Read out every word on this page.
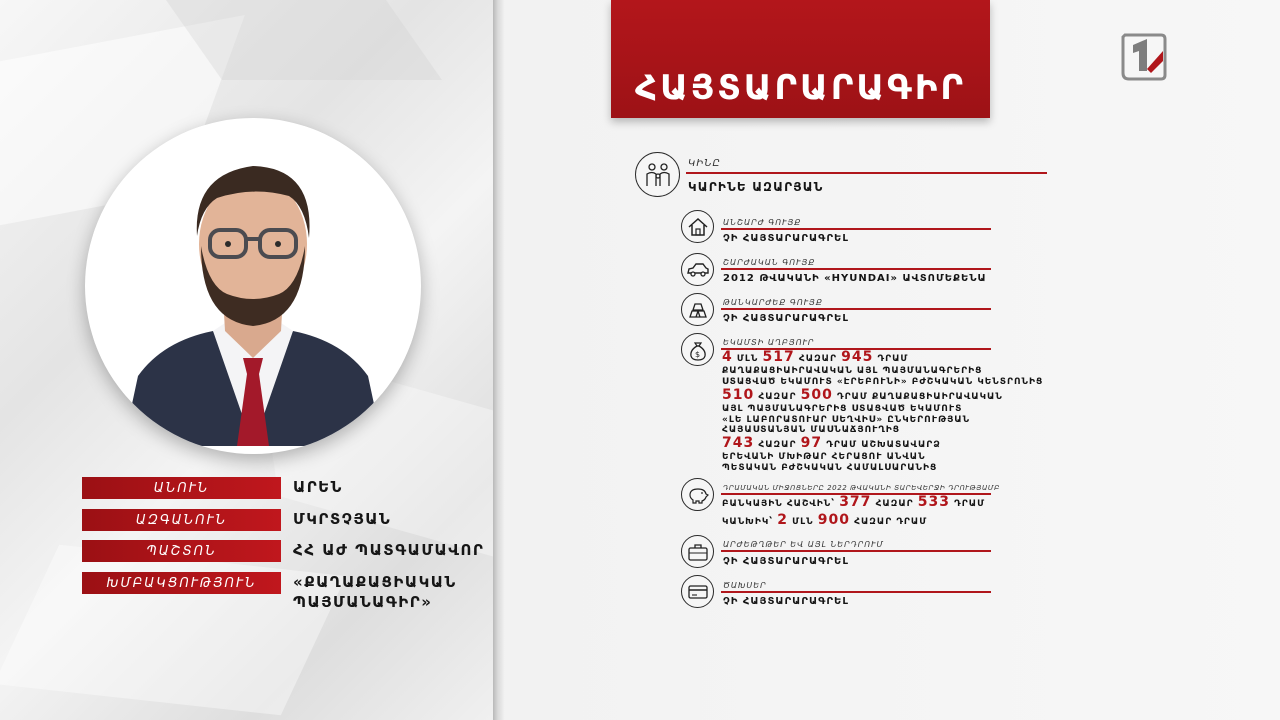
ԱՆՈՒՆ	ԱՐԵՆ
ԱԶԳԱՆՈՒՆ	ՄԿՐՏՉՅԱՆ
ՊԱՇՏՈՆ	ՀՀ ԱԺ ՊԱՏԳԱՄԱՎՈՐ
ԽՄԲԱԿՑՈՒԹՅՈՒՆ	«ՔԱՂԱՔԱՑԻԱԿԱՆ
ՊԱՅՄԱՆԱԳԻՐ»
ՀԱՅՏԱՐԱՐԱԳԻՐ
ԿԻՆԸ
ԿԱՐԻՆԵ ԱԶԱՐՅԱՆ
ԱՆՇԱՐԺ ԳՈՒՅՔ
ՉԻ ՀԱՅՏԱՐԱՐԱԳՐԵԼ
ՇԱՐԺԱԿԱՆ ԳՈՒՅՔ
2012 ԹՎԱԿԱՆԻ «HYUNDAI» ԱՎՏՈՄԵՔԵՆԱ
ԹԱՆԿԱՐԺԵՔ ԳՈՒՅՔ
ՉԻ ՀԱՅՏԱՐԱՐԱԳՐԵԼ
$
ԵԿԱՄՏԻ ԱՂԲՅՈՒՐ
4 ՄԼՆ 517 ՀԱԶԱՐ 945 ԴՐԱՄ
ՔԱՂԱՔԱՑԻԱԻՐԱՎԱԿԱՆ ԱՅԼ ՊԱՅՄԱՆԱԳՐԵՐԻՑ
ՍՏԱՑՎԱԾ ԵԿԱՄՈՒՏ «ԷՐԵԲՈՒՆԻ» ԲԺՇԿԱԿԱՆ ԿԵՆՏՐՈՆԻՑ
510 ՀԱԶԱՐ 500 ԴՐԱՄ ՔԱՂԱՔԱՑԻԱԻՐԱՎԱԿԱՆ
ԱՅԼ ՊԱՅՄԱՆԱԳՐԵՐԻՑ ՍՏԱՑՎԱԾ ԵԿԱՄՈՒՏ
«ԼԵ ԼԱԲՈՐԱՏՈՒԱՐ ՍԵՂՎԻՍ» ԸՆԿԵՐՈՒԹՅԱՆ
ՀԱՅԱՍՏԱՆՅԱՆ ՄԱՍՆԱՃՅՈՒՂԻՑ
743 ՀԱԶԱՐ 97 ԴՐԱՄ ԱՇԽԱՏԱՎԱՐՁ
ԵՐԵՎԱՆԻ ՄԽԻԹԱՐ ՀԵՐԱՑՈՒ ԱՆՎԱՆ
ՊԵՏԱԿԱՆ ԲԺՇԿԱԿԱՆ ՀԱՄԱԼՍԱՐԱՆԻՑ
ԴՐԱՄԱԿԱՆ ՄԻՋՈՑՆԵՐԸ 2022 ԹՎԱԿԱՆԻ ՏԱՐԵՎԵՐՋԻ ԴՐՈՒԹՅԱՄԲ
ԲԱՆԿԱՅԻՆ ՀԱՇՎԻՆ՝ 377 ՀԱԶԱՐ 533 ԴՐԱՄ
ԿԱՆԽԻԿ՝ 2 ՄԼՆ 900 ՀԱԶԱՐ ԴՐԱՄ
ԱՐԺԵԹՂԹԵՐ ԵՎ ԱՅԼ ՆԵՐԴՐՈՒՄ
ՉԻ ՀԱՅՏԱՐԱՐԱԳՐԵԼ
ԾԱԽՍԵՐ
ՉԻ ՀԱՅՏԱՐԱՐԱԳՐԵԼ
